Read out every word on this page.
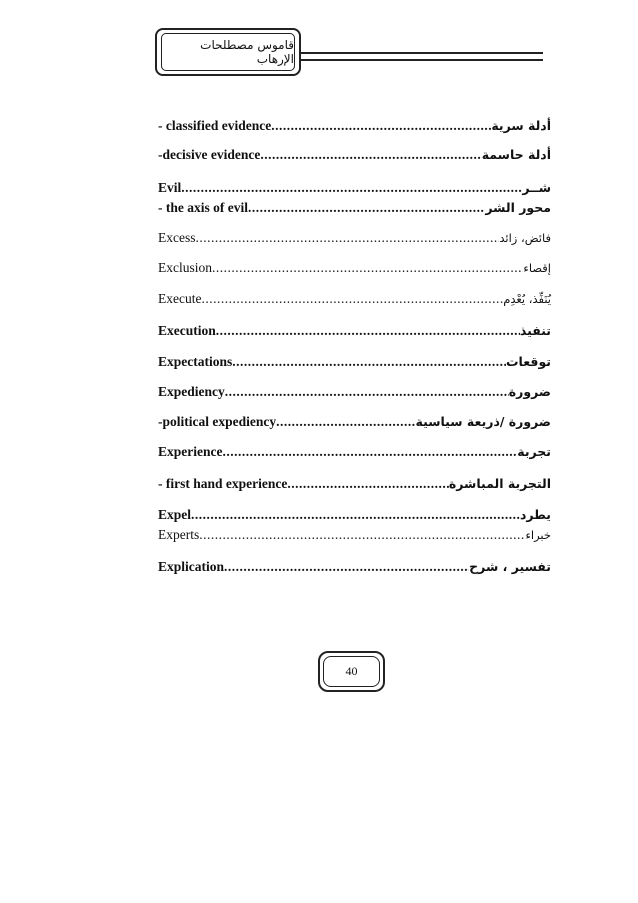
قاموس مصطلحات الإرهاب
- classified evidence .....	أدلة سرية
-decisive evidence .....	أدلة حاسمة
Evil .....	شــر
- the axis of evil .....	محور الشر
Excess .....	فائض، زائد
Exclusion .....	إقصاء
Execute .....	يُنَفِّذ، يُعْدِم
Execution .....	تنفيذ
Expectations .....	توقعات
Expediency .....	ضرورة
-political expediency .....	ضرورة /ذريعة سياسية
Experience .....	تجربة
- first hand experience .....	التجربة المباشرة
Expel .....	يطرد
Experts .....	خبراء
Explication .....	تفسير ، شرح
40
